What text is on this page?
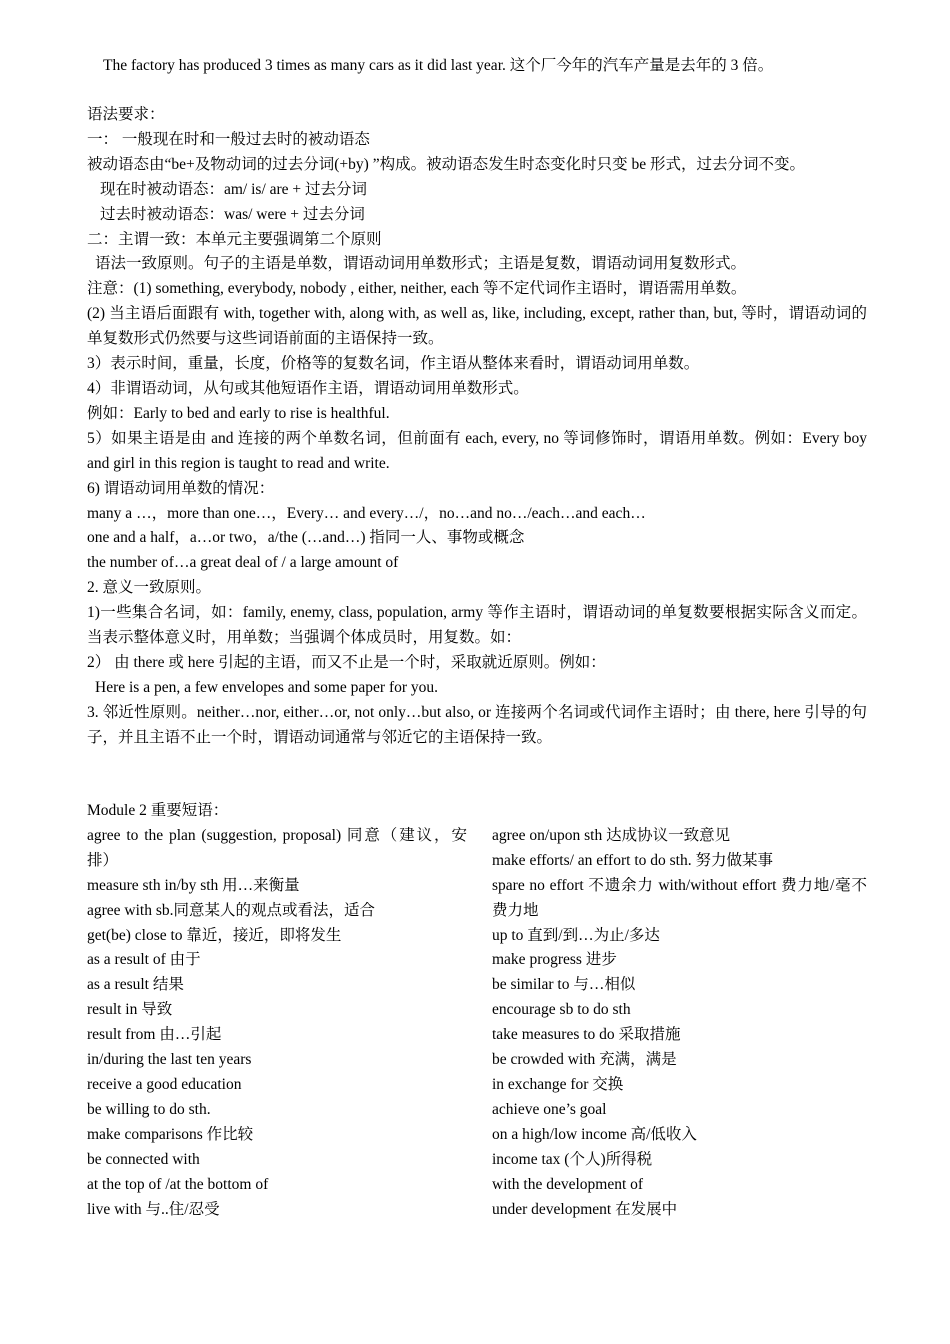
The factory has produced 3 times as many cars as it did last year. 这个厂今年的汽车产量是去年的 3 倍。
语法要求：
一： 一般现在时和一般过去时的被动语态
被动语态由“be+及物动词的过去分词(+by) ”构成。被动语态发生时态变化时只变 be 形式，过去分词不变。
现在时被动语态：am/ is/ are + 过去分词
过去时被动语态：was/ were + 过去分词
二：主谓一致：本单元主要强调第二个原则
语法一致原则。句子的主语是单数，谓语动词用单数形式；主语是复数，谓语动词用复数形式。
注意：(1) something, everybody, nobody , either, neither, each 等不定代词作主语时，谓语需用单数。
(2) 当主语后面跟有 with, together with, along with, as well as, like, including, except, rather than, but, 等时，谓语动词的单复数形式仍然要与这些词语前面的主语保持一致。
3）表示时间，重量，长度，价格等的复数名词，作主语从整体来看时，谓语动词用单数。
4）非谓语动词，从句或其他短语作主语，谓语动词用单数形式。
例如：Early to bed and early to rise is healthful.
5）如果主语是由 and 连接的两个单数名词，但前面有 each, every, no 等词修饰时，谓语用单数。例如：Every boy and girl in this region is taught to read and write.
6) 谓语动词用单数的情况：
many a …，more than one…，Every… and every…/，no…and no…/each…and each…
one and a half，a…or two，a/the (…and…) 指同一人、事物或概念
the number of…a great deal of / a large amount of
2. 意义一致原则。
1)一些集合名词，如：family, enemy, class, population, army 等作主语时，谓语动词的单复数要根据实际含义而定。当表示整体意义时，用单数；当强调个体成员时，用复数。如：
2） 由 there 或 here 引起的主语，而又不止是一个时，采取就近原则。例如：
Here is a pen, a few envelopes and some paper for you.
3. 邻近性原则。neither…nor, either…or, not only…but also, or 连接两个名词或代词作主语时；由 there, here 引导的句子，并且主语不止一个时，谓语动词通常与邻近它的主语保持一致。
Module 2 重要短语：
agree to the plan (suggestion, proposal) 同意（建议，安排）
measure sth in/by sth 用…来衡量
agree with sb.同意某人的观点或看法，适合
get(be) close to 靠近，接近，即将发生
as a result of 由于
as a result 结果
result in 导致
result from 由…引起
in/during the last ten years
receive a good education
be willing to do sth.
make comparisons 作比较
be connected with
at the top of /at the bottom of
live with 与..住/忍受
agree on/upon sth 达成协议一致意见
make efforts/ an effort to do sth. 努力做某事
spare no effort 不遗余力 with/without effort 费力地/毫不费力地
up to 直到/到…为止/多达
make progress 进步
be similar to 与…相似
encourage sb to do sth
take measures to do 采取措施
be crowded with 充满，满是
in exchange for 交换
achieve one’s goal
on a high/low income 高/低收入
income tax (个人)所得税
with the development of
under development 在发展中
